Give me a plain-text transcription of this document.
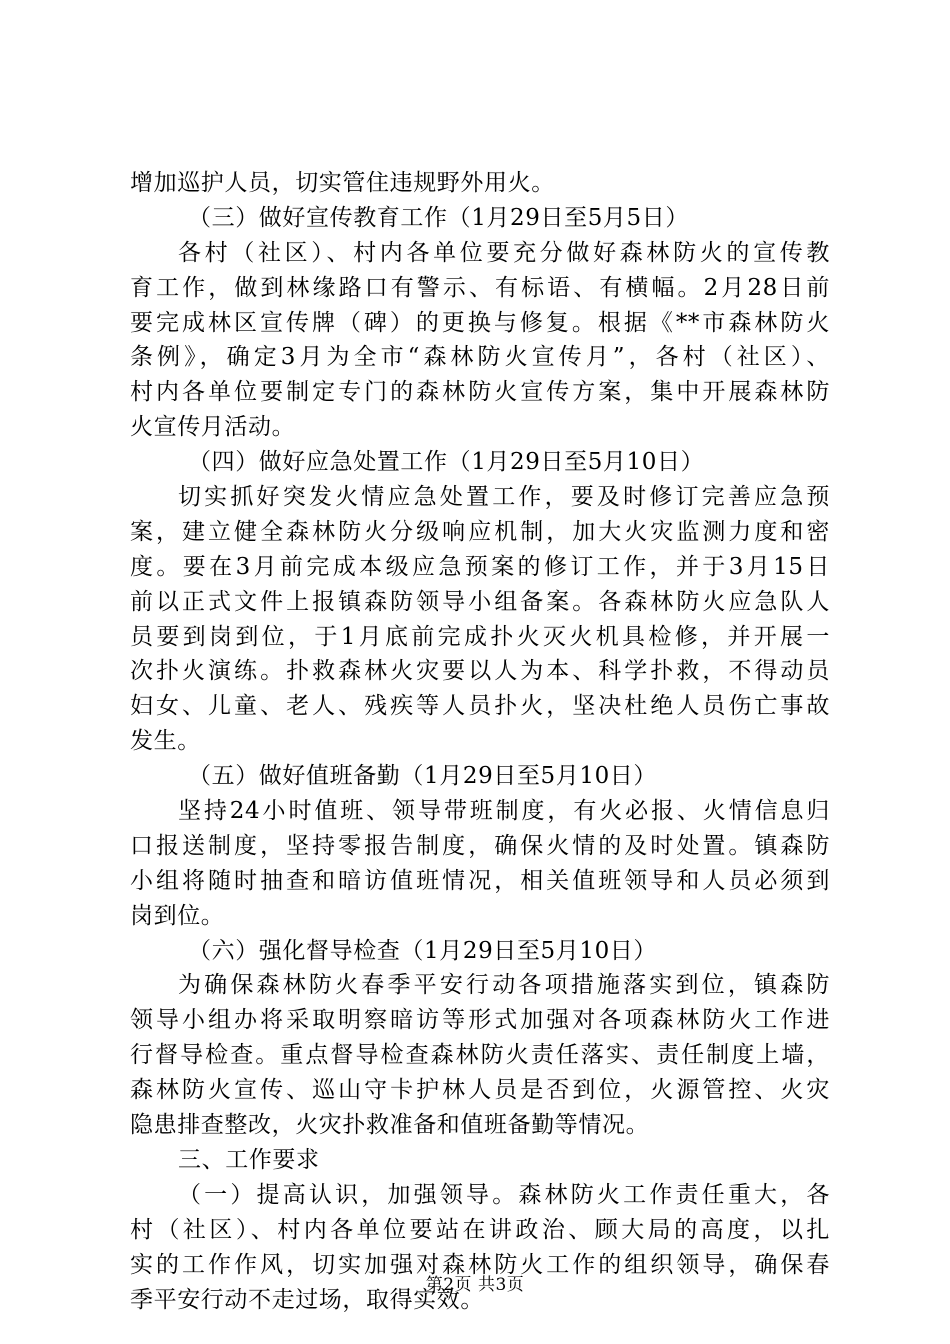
增加巡护人员，切实管住违规野外用火。
（三）做好宣传教育工作（1月29日至5月5日）
各村（社区）、村内各单位要充分做好森林防火的宣传教
育工作，做到林缘路口有警示、有标语、有横幅。2月28日前
要完成林区宣传牌（碑）的更换与修复。根据《**市森林防火
条例》，确定3月为全市“森林防火宣传月”，各村（社区）、
村内各单位要制定专门的森林防火宣传方案，集中开展森林防
火宣传月活动。
（四）做好应急处置工作（1月29日至5月10日）
切实抓好突发火情应急处置工作，要及时修订完善应急预
案，建立健全森林防火分级响应机制，加大火灾监测力度和密
度。要在3月前完成本级应急预案的修订工作，并于3月15日
前以正式文件上报镇森防领导小组备案。各森林防火应急队人
员要到岗到位，于1月底前完成扑火灭火机具检修，并开展一
次扑火演练。扑救森林火灾要以人为本、科学扑救，不得动员
妇女、儿童、老人、残疾等人员扑火，坚决杜绝人员伤亡事故
发生。
（五）做好值班备勤（1月29日至5月10日）
坚持24小时值班、领导带班制度，有火必报、火情信息归
口报送制度，坚持零报告制度，确保火情的及时处置。镇森防
小组将随时抽查和暗访值班情况，相关值班领导和人员必须到
岗到位。
（六）强化督导检查（1月29日至5月10日）
为确保森林防火春季平安行动各项措施落实到位，镇森防
领导小组办将采取明察暗访等形式加强对各项森林防火工作进
行督导检查。重点督导检查森林防火责任落实、责任制度上墙，
森林防火宣传、巡山守卡护林人员是否到位，火源管控、火灾
隐患排查整改，火灾扑救准备和值班备勤等情况。
三、工作要求
（一）提高认识，加强领导。森林防火工作责任重大，各
村（社区）、村内各单位要站在讲政治、顾大局的高度，以扎
实的工作作风，切实加强对森林防火工作的组织领导，确保春
季平安行动不走过场，取得实效。
第2页 共3页
